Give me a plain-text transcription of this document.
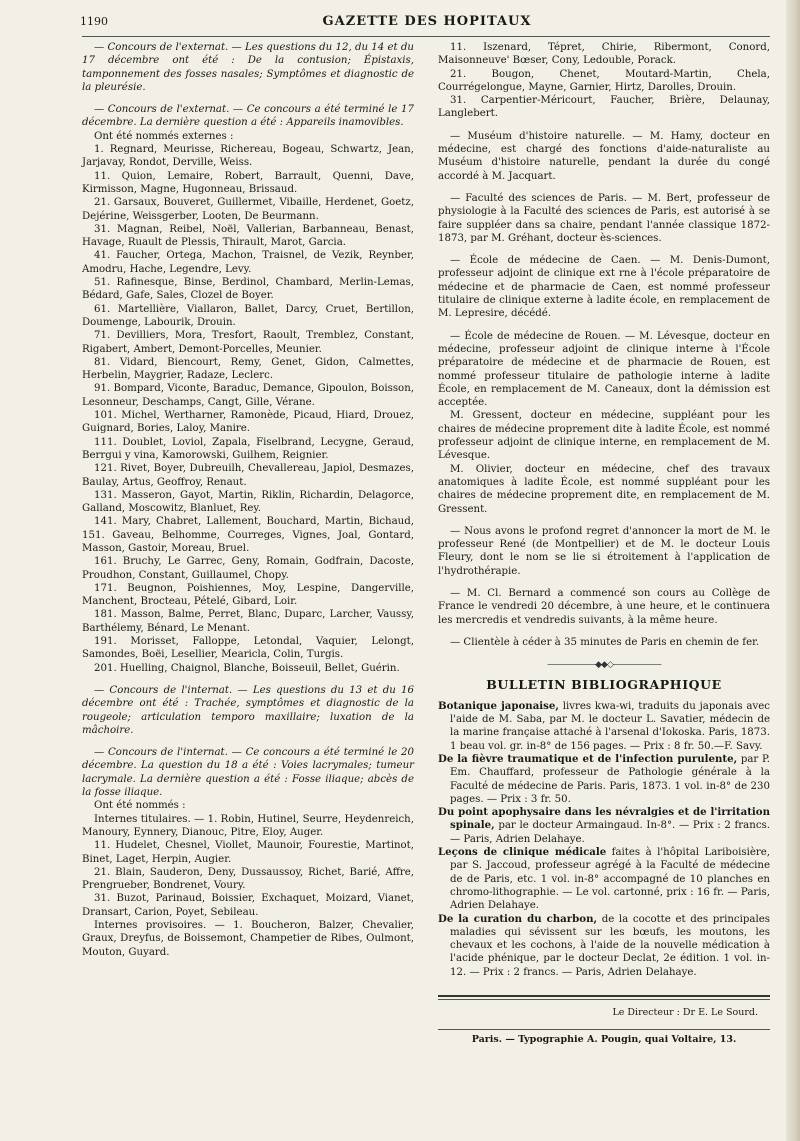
1190	GAZETTE DES HOPITAUX

— Concours de l'externat. — Les questions du 12, du 14 et du 17 décembre ont été : De la contusion; Épistaxis, tamponnement des fosses nasales; Symptômes et diagnostic de la pleurésie.

— Concours de l'externat. — Ce concours a été terminé le 17 décembre. La dernière question a été : Appareils inamovibles.

Ont été nommés externes :

1. Regnard, Meurisse, Richereau, Bogeau, Schwartz, Jean, Jarjavay, Rondot, Derville, Weiss.

11. Quion, Lemaire, Robert, Barrault, Quenni, Dave, Kirmisson, Magne, Hugonneau, Brissaud.

21. Garsaux, Bouveret, Guillermet, Vibaille, Herdenet, Goetz, Dejérine, Weissgerber, Looten, De Beurmann.

31. Magnan, Reibel, Noël, Vallerian, Barbanneau, Benast, Havage, Ruault de Plessis, Thirault, Marot, Garcia.

41. Faucher, Ortega, Machon, Traisnel, de Vezik, Reynber, Amodru, Hache, Legendre, Levy.

51. Rafinesque, Binse, Berdinol, Chambard, Merlin-Lemas, Bédard, Gafe, Sales, Clozel de Boyer.

61. Martellière, Viallaron, Ballet, Darcy, Cruet, Bertillon, Doumenge, Labourik, Drouin.

71. Devilliers, Mora, Tresfort, Raoult, Tremblez, Constant, Rigabert, Ambert, Demont-Porcelles, Meunier.

81. Vidard, Biencourt, Remy, Genet, Gidon, Calmettes, Herbelin, Maygrier, Radaze, Leclerc.

91. Bompard, Viconte, Baraduc, Demance, Gipoulon, Boisson, Lesonneur, Deschamps, Cangt, Gille, Vérane.

101. Michel, Wertharner, Ramonède, Picaud, Hiard, Drouez, Guignard, Bories, Laloy, Manire.

111. Doublet, Loviol, Zapala, Fiselbrand, Lecygne, Geraud, Berrgui y vina, Kamorowski, Guilhem, Reignier.

121. Rivet, Boyer, Dubreuilh, Chevallereau, Japiol, Desmazes, Baulay, Artus, Geoffroy, Renaut.

131. Masseron, Gayot, Martin, Riklin, Richardin, Delagorce, Galland, Moscowitz, Blanluet, Rey.

141. Mary, Chabret, Lallement, Bouchard, Martin, Bichaud, 151. Gaveau, Belhomme, Courreges, Vignes, Joal, Gontard, Masson, Gastoir, Moreau, Bruel.

161. Bruchy, Le Garrec, Geny, Romain, Godfrain, Dacoste, Proudhon, Constant, Guillaumel, Chopy.

171. Beugnon, Poishiennes, Moy, Lespine, Dangerville, Manchent, Brocteau, Pételé, Gibard, Loir.

181. Masson, Balme, Perret, Blanc, Duparc, Larcher, Vaussy, Barthélemy, Bénard, Le Menant.

191. Morisset, Falloppe, Letondal, Vaquier, Lelongt, Samondes, Boëi, Lesellier, Mearicla, Colin, Turgis.

201. Huelling, Chaignol, Blanche, Boisseuil, Bellet, Guérin.

— Concours de l'internat. — Les questions du 13 et du 16 décembre ont été : Trachée, symptômes et diagnostic de la rougeole; articulation temporo maxillaire; luxation de la mâchoire.

— Concours de l'internat. — Ce concours a été terminé le 20 décembre. La question du 18 a été : Voies lacrymales; tumeur lacrymale. La dernière question a été : Fosse iliaque; abcès de la fosse iliaque.

Ont été nommés :

Internes titulaires. — 1. Robin, Hutinel, Seurre, Heydenreich, Manoury, Eynnery, Dianouc, Pitre, Eloy, Auger.

11. Hudelet, Chesnel, Viollet, Maunoir, Fourestie, Martinot, Binet, Laget, Herpin, Augier.

21. Blain, Sauderon, Deny, Dussaussoy, Richet, Barié, Affre, Prengrueber, Bondrenet, Voury.

31. Buzot, Parinaud, Boissier, Exchaquet, Moizard, Vianet, Dransart, Carion, Poyet, Sebileau.

Internes provisoires. — 1. Boucheron, Balzer, Chevalier, Graux, Dreyfus, de Boissemont, Champetier de Ribes, Oulmont, Mouton, Guyard.

11. Iszenard, Tépret, Chirie, Ribermont, Conord, Maisonneuve' Bœser, Cony, Ledouble, Porack.

21. Bougon, Chenet, Moutard-Martin, Chela, Courrégelongue, Mayne, Garnier, Hirtz, Darolles, Drouin.

31. Carpentier-Méricourt, Faucher, Brière, Delaunay, Langlebert.

— Muséum d'histoire naturelle. — M. Hamy, docteur en médecine, est chargé des fonctions d'aide-naturaliste au Muséum d'histoire naturelle, pendant la durée du congé accordé à M. Jacquart.

— Faculté des sciences de Paris. — M. Bert, professeur de physiologie à la Faculté des sciences de Paris, est autorisé à se faire suppléer dans sa chaire, pendant l'année classique 1872-1873, par M. Gréhant, docteur ès-sciences.

— École de médecine de Caen. — M. Denis-Dumont, professeur adjoint de clinique ext rne à l'école préparatoire de médecine et de pharmacie de Caen, est nommé professeur titulaire de clinique externe à ladite école, en remplacement de M. Lepresire, décédé.

— École de médecine de Rouen. — M. Lévesque, docteur en médecine, professeur adjoint de clinique interne à l'École préparatoire de médecine et de pharmacie de Rouen, est nommé professeur titulaire de pathologie interne à ladite École, en remplacement de M. Caneaux, dont la démission est acceptée.

M. Gressent, docteur en médecine, suppléant pour les chaires de médecine proprement dite à ladite École, est nommé professeur adjoint de clinique interne, en remplacement de M. Lévesque.

M. Olivier, docteur en médecine, chef des travaux anatomiques à ladite École, est nommé suppléant pour les chaires de médecine proprement dite, en remplacement de M. Gressent.

— Nous avons le profond regret d'annoncer la mort de M. le professeur René (de Montpellier) et de M. le docteur Louis Fleury, dont le nom se lie si étroitement à l'application de l'hydrothérapie.

— M. Cl. Bernard a commencé son cours au Collège de France le vendredi 20 décembre, à une heure, et le continuera les mercredis et vendredis suivants, à la même heure.

— Clientèle à céder à 35 minutes de Paris en chemin de fer.

——————◆◆◇——————
BULLETIN BIBLIOGRAPHIQUE

Botanique japonaise, livres kwa-wi, traduits du japonais avec l'aide de M. Saba, par M. le docteur L. Savatier, médecin de la marine française attaché à l'arsenal d'Iokoska. Paris, 1873. 1 beau vol. gr. in-8° de 156 pages. — Prix : 8 fr. 50.—F. Savy.

De la fièvre traumatique et de l'infection purulente, par P. Em. Chauffard, professeur de Pathologie générale à la Faculté de médecine de Paris. Paris, 1873. 1 vol. in-8° de 230 pages. — Prix : 3 fr. 50.

Du point apophysaire dans les névralgies et de l'irritation spinale, par le docteur Armaingaud. In-8°. — Prix : 2 francs. — Paris, Adrien Delahaye.

Leçons de clinique médicale faites à l'hôpital Lariboisière, par S. Jaccoud, professeur agrégé à la Faculté de médecine de de Paris, etc. 1 vol. in-8° accompagné de 10 planches en chromo-lithographie. — Le vol. cartonné, prix : 16 fr. — Paris, Adrien Delahaye.

De la curation du charbon, de la cocotte et des principales maladies qui sévissent sur les bœufs, les moutons, les chevaux et les cochons, à l'aide de la nouvelle médication à l'acide phénique, par le docteur Declat, 2e édition. 1 vol. in-12. — Prix : 2 francs. — Paris, Adrien Delahaye.

Le Directeur : Dr E. Le Sourd.
Paris. — Typographie A. Pougin, quai Voltaire, 13.
